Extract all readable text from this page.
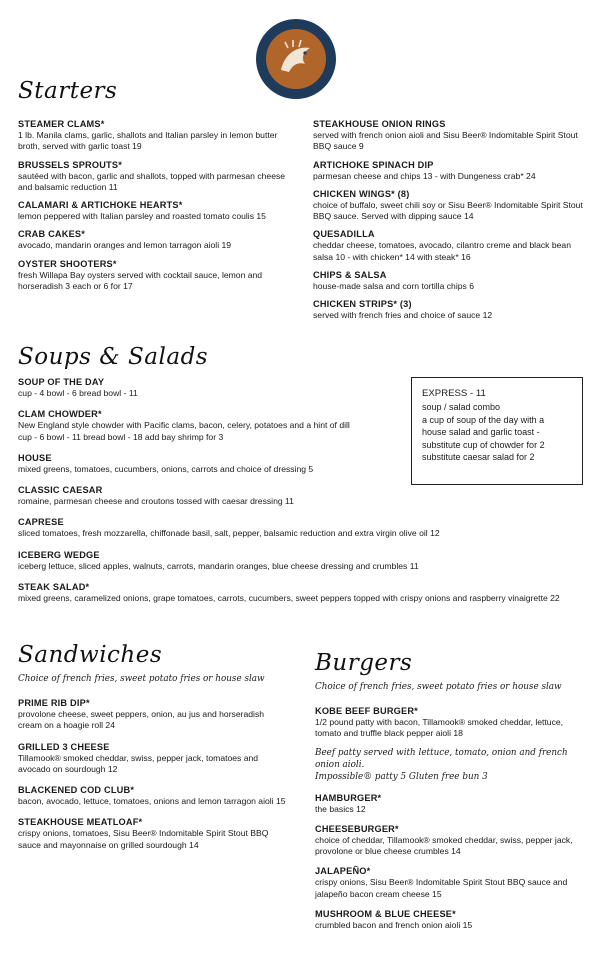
Starters
STEAMER CLAMS*
1 lb. Manila clams, garlic, shallots and Italian parsley in lemon butter broth, served with garlic toast 19
BRUSSELS SPROUTS*
sautéed with bacon, garlic and shallots, topped with parmesan cheese and balsamic reduction 11
CALAMARI & ARTICHOKE HEARTS*
lemon peppered with Italian parsley and roasted tomato coulis 15
CRAB CAKES*
avocado, mandarin oranges and lemon tarragon aioli 19
OYSTER SHOOTERS*
fresh Willapa Bay oysters served with cocktail sauce, lemon and horseradish 3 each or 6 for 17
STEAKHOUSE ONION RINGS
served with french onion aioli and Sisu Beer® Indomitable Spirit Stout BBQ sauce 9
ARTICHOKE SPINACH DIP
parmesan cheese and chips 13 - with Dungeness crab* 24
CHICKEN WINGS* (8)
choice of buffalo, sweet chili soy or Sisu Beer® Indomitable Spirit Stout BBQ sauce. Served with dipping sauce 14
QUESADILLA
cheddar cheese, tomatoes, avocado, cilantro creme and black bean salsa 10 - with chicken* 14 with steak* 16
CHIPS & SALSA
house-made salsa and corn tortilla chips 6
CHICKEN STRIPS* (3)
served with french fries and choice of sauce 12
Soups & Salads
SOUP OF THE DAY
cup - 4 bowl - 6 bread bowl - 11
CLAM CHOWDER*
New England style chowder with Pacific clams, bacon, celery, potatoes and a hint of dill
cup - 6 bowl - 11 bread bowl - 18 add bay shrimp for 3
HOUSE
mixed greens, tomatoes, cucumbers, onions, carrots and choice of dressing 5
CLASSIC CAESAR
romaine, parmesan cheese and croutons tossed with caesar dressing 11
CAPRESE
sliced tomatoes, fresh mozzarella, chiffonade basil, salt, pepper, balsamic reduction and extra virgin olive oil 12
ICEBERG WEDGE
iceberg lettuce, sliced apples, walnuts, carrots, mandarin oranges, blue cheese dressing and crumbles 11
STEAK SALAD*
mixed greens, caramelized onions, grape tomatoes, carrots, cucumbers, sweet peppers topped with crispy onions and raspberry vinaigrette 22
EXPRESS - 11
soup / salad combo
a cup of soup of the day with a
house salad and garlic toast -
substitute cup of chowder for 2
substitute caesar salad for 2
Sandwiches
Choice of french fries, sweet potato fries or house slaw
PRIME RIB DIP*
provolone cheese, sweet peppers, onion, au jus and horseradish cream on a hoagie roll 24
GRILLED 3 CHEESE
Tillamook® smoked cheddar, swiss, pepper jack, tomatoes and avocado on sourdough 12
BLACKENED COD CLUB*
bacon, avocado, lettuce, tomatoes, onions and lemon tarragon aioli 15
STEAKHOUSE MEATLOAF*
crispy onions, tomatoes, Sisu Beer® Indomitable Spirit Stout BBQ sauce and mayonnaise on grilled sourdough 14
Burgers
Choice of french fries, sweet potato fries or house slaw
KOBE BEEF BURGER*
1/2 pound patty with bacon, Tillamook® smoked cheddar, lettuce, tomato and truffle black pepper aioli 18
Beef patty served with lettuce, tomato, onion and french onion aioli.
Impossible® patty 5 Gluten free bun 3
HAMBURGER*
the basics 12
CHEESEBURGER*
choice of cheddar, Tillamook® smoked cheddar, swiss, pepper jack, provolone or blue cheese crumbles 14
JALAPEÑO*
crispy onions, Sisu Beer® Indomitable Spirit Stout BBQ sauce and jalapeño bacon cream cheese 15
MUSHROOM & BLUE CHEESE*
crumbled bacon and french onion aioli 15
